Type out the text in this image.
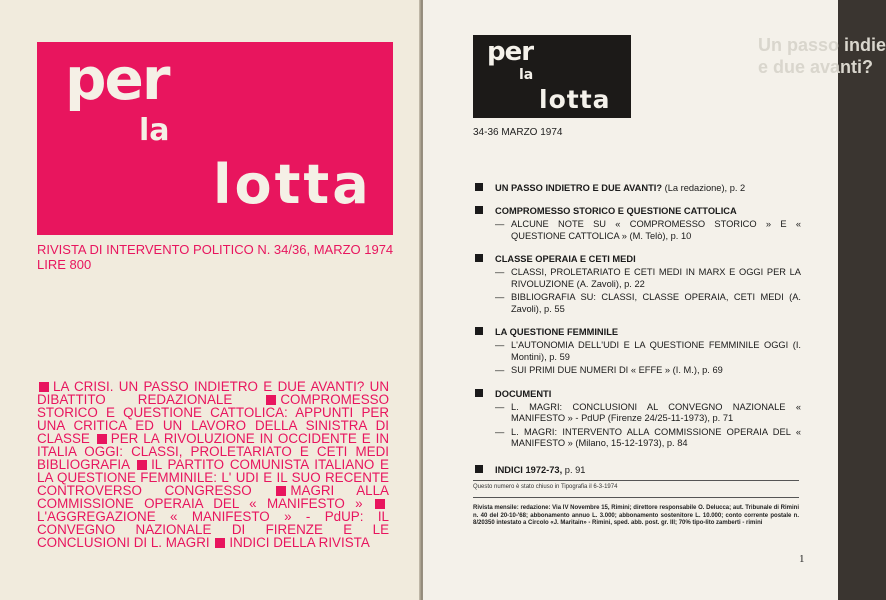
per
la
lotta
RIVISTA DI INTERVENTO POLITICO N. 34/36, MARZO 1974
LIRE 800

LA CRISI. UN PASSO INDIETRO E DUE AVANTI? UN DIBATTITO REDAZIONALE	COMPROMESSO STORICO E QUESTIONE CATTOLICA: APPUNTI PER UNA CRITICA ED UN LAVORO DELLA SINISTRA DI CLASSE PER LA RIVOLUZIONE IN OCCIDENTE E IN ITALIA OGGI: CLASSI, PROLETARIATO E CETI MEDI BIBLIOGRAFIA IL PARTITO COMUNISTA ITALIANO E LA QUESTIONE FEMMINILE: L' UDI E IL SUO RECENTE CONTROVERSO CONGRESSO	MAGRI ALLA COMMISSIONE OPERAIA DEL « MANIFESTO » L'AGGREGAZIONE « MANIFESTO » - PdUP: IL CONVEGNO NAZIONALE DI FIRENZE E LE CONCLUSIONI DI L. MAGRI INDICI DELLA RIVISTA

Un passo indie
e due avanti?
per
la
lotta
34-36 MARZO 1974
UN PASSO INDIETRO E DUE AVANTI? (La redazione), p. 2
COMPROMESSO STORICO E QUESTIONE CATTOLICA
— ALCUNE NOTE SU « COMPROMESSO STORICO » E « QUESTIONE CATTOLICA » (M. Telò), p. 10
CLASSE OPERAIA E CETI MEDI
— CLASSI, PROLETARIATO E CETI MEDI IN MARX E OGGI PER LA RIVOLUZIONE (A. Zavoli), p. 22
— BIBLIOGRAFIA SU: CLASSI, CLASSE OPERAIA, CETI MEDI (A. Zavoli), p. 55
LA QUESTIONE FEMMINILE
— L'AUTONOMIA DELL'UDI E LA QUESTIONE FEMMINILE OGGI (I. Montini), p. 59
— SUI PRIMI DUE NUMERI DI « EFFE » (I. M.), p. 69
DOCUMENTI
— L. MAGRI: CONCLUSIONI AL CONVEGNO NAZIONALE « MANIFESTO » - PdUP (Firenze 24/25-11-1973), p. 71
— L. MAGRI: INTERVENTO ALLA COMMISSIONE OPERAIA DEL « MANIFESTO » (Milano, 15-12-1973), p. 84
INDICI 1972-73, p. 91
Questo numero è stato chiuso in Tipografia il 6-3-1974

Rivista mensile: redazione: Via IV Novembre 15, Rimini; direttore responsabile O. Delucca; aut. Tribunale di Rimini n. 40 del 20-10-'68; abbonamento annuo L. 3.000; abbonamento sostenitore L. 10.000; conto corrente postale n. 8/20350 intestato a Circolo «J. Maritain» - Rimini, sped. abb. post. gr. III; 70% tipo-lito zamberti - rimini

1
